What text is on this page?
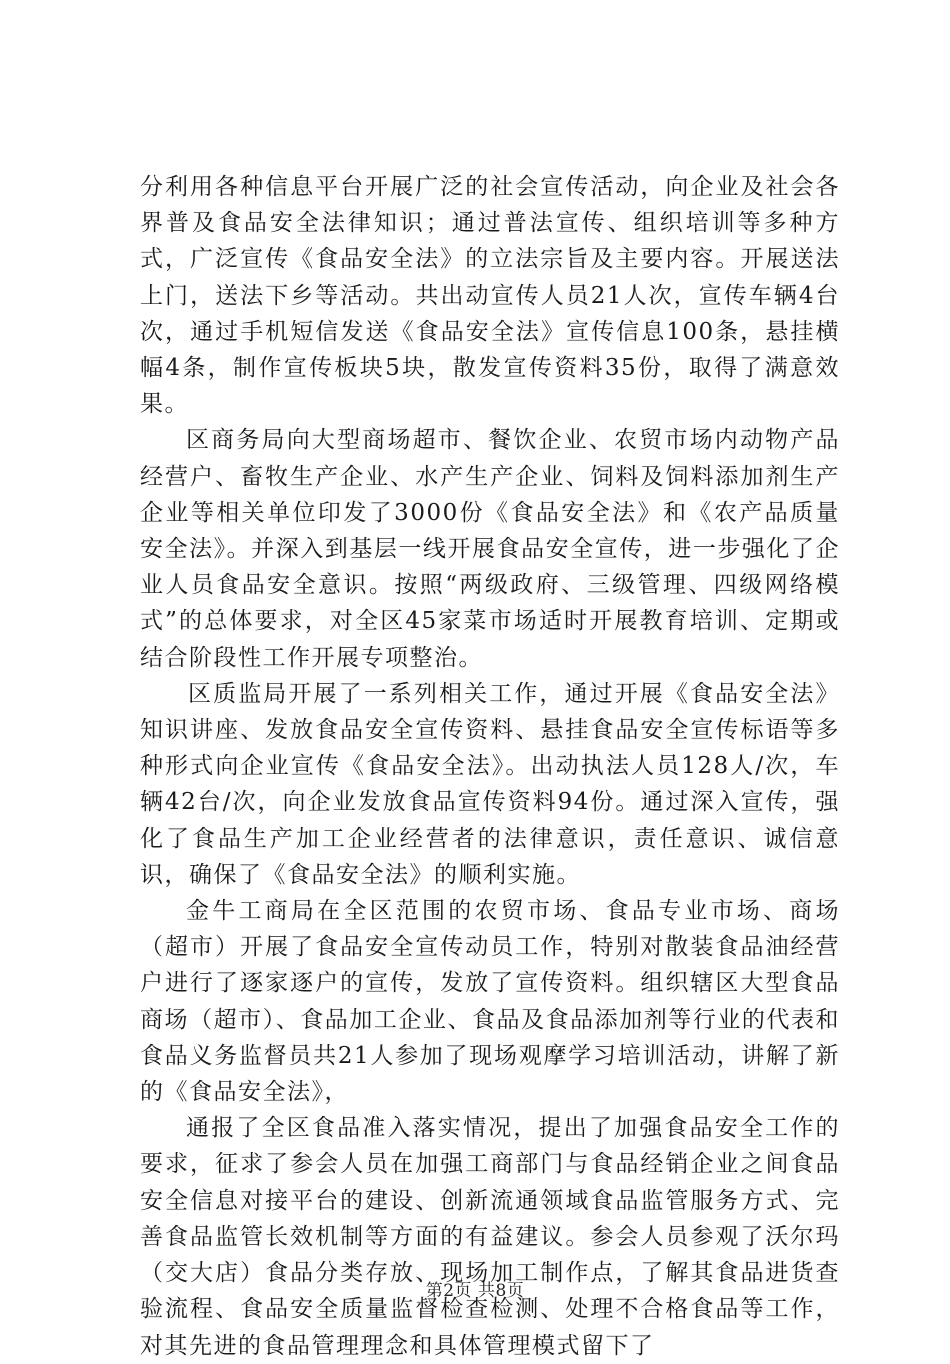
分利用各种信息平台开展广泛的社会宣传活动，向企业及社会各界普及食品安全法律知识；通过普法宣传、组织培训等多种方式，广泛宣传《食品安全法》的立法宗旨及主要内容。开展送法上门，送法下乡等活动。共出动宣传人员21人次，宣传车辆4台次，通过手机短信发送《食品安全法》宣传信息100条，悬挂横幅4条，制作宣传板块5块，散发宣传资料35份，取得了满意效果。

区商务局向大型商场超市、餐饮企业、农贸市场内动物产品经营户、畜牧生产企业、水产生产企业、饲料及饲料添加剂生产企业等相关单位印发了3000份《食品安全法》和《农产品质量安全法》。并深入到基层一线开展食品安全宣传，进一步强化了企业人员食品安全意识。按照“两级政府、三级管理、四级网络模式”的总体要求，对全区45家菜市场适时开展教育培训、定期或结合阶段性工作开展专项整治。

区质监局开展了一系列相关工作，通过开展《食品安全法》知识讲座、发放食品安全宣传资料、悬挂食品安全宣传标语等多种形式向企业宣传《食品安全法》。出动执法人员128人/次，车辆42台/次，向企业发放食品宣传资料94份。通过深入宣传，强化了食品生产加工企业经营者的法律意识，责任意识、诚信意识，确保了《食品安全法》的顺利实施。

金牛工商局在全区范围的农贸市场、食品专业市场、商场（超市）开展了食品安全宣传动员工作，特别对散装食品油经营户进行了逐家逐户的宣传，发放了宣传资料。组织辖区大型食品商场（超市）、食品加工企业、食品及食品添加剂等行业的代表和食品义务监督员共21人参加了现场观摩学习培训活动，讲解了新的《食品安全法》，

通报了全区食品准入落实情况，提出了加强食品安全工作的要求，征求了参会人员在加强工商部门与食品经销企业之间食品安全信息对接平台的建设、创新流通领域食品监管服务方式、完善食品监管长效机制等方面的有益建议。参会人员参观了沃尔玛（交大店）食品分类存放、现场加工制作点，了解其食品进货查验流程、食品安全质量监督检查检测、处理不合格食品等工作，对其先进的食品管理理念和具体管理模式留下了

第2页 共8页
